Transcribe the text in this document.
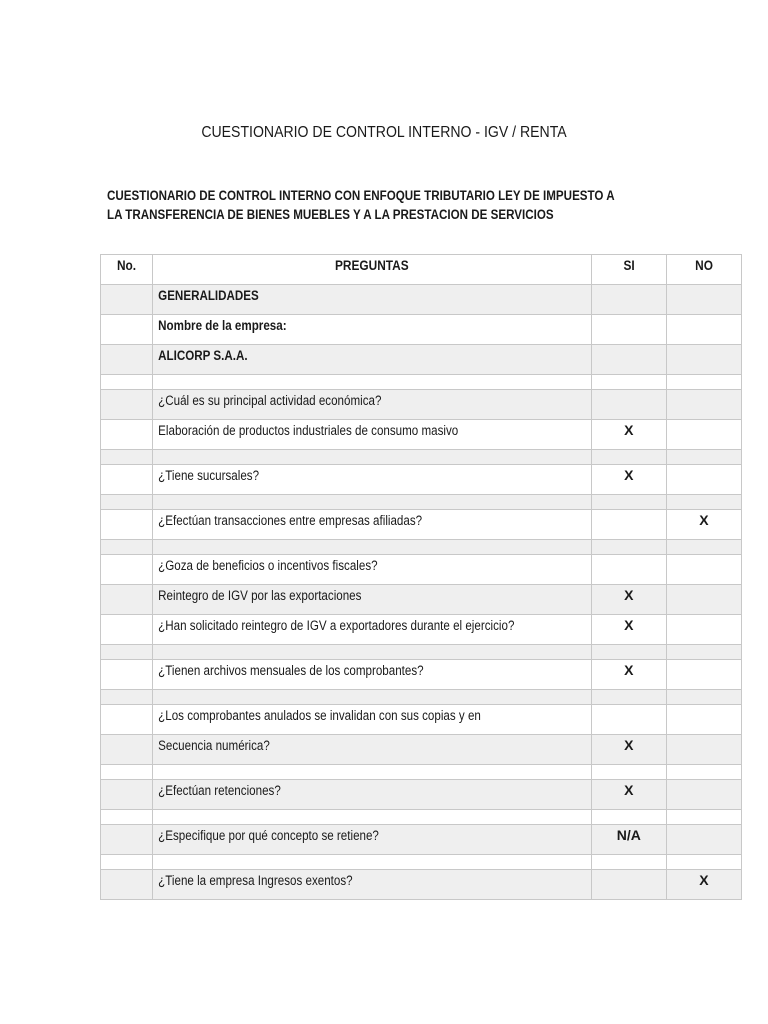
CUESTIONARIO DE CONTROL INTERNO - IGV / RENTA
CUESTIONARIO DE CONTROL INTERNO CON ENFOQUE TRIBUTARIO LEY DE IMPUESTO A
LA TRANSFERENCIA DE BIENES MUEBLES Y A LA PRESTACION DE SERVICIOS
No.	PREGUNTAS	SI	NO

	GENERALIDADES		

	Nombre de la empresa:		

	ALICORP S.A.A.		

	¿Cuál es su principal actividad económica?		

	Elaboración de productos industriales de consumo masivo	X	

	¿Tiene sucursales?	X	

	¿Efectúan transacciones entre empresas afiliadas?		X

	¿Goza de beneficios o incentivos fiscales?		

	Reintegro de IGV por las exportaciones	X	

	¿Han solicitado reintegro de IGV a exportadores durante el ejercicio?	X	

	¿Tienen archivos mensuales de los comprobantes?	X	

	¿Los comprobantes anulados se invalidan con sus copias y en		

	Secuencia numérica?	X	

	¿Efectúan retenciones?	X	

	¿Especifique por qué concepto se retiene?	N/A	

	¿Tiene la empresa Ingresos exentos?		X
